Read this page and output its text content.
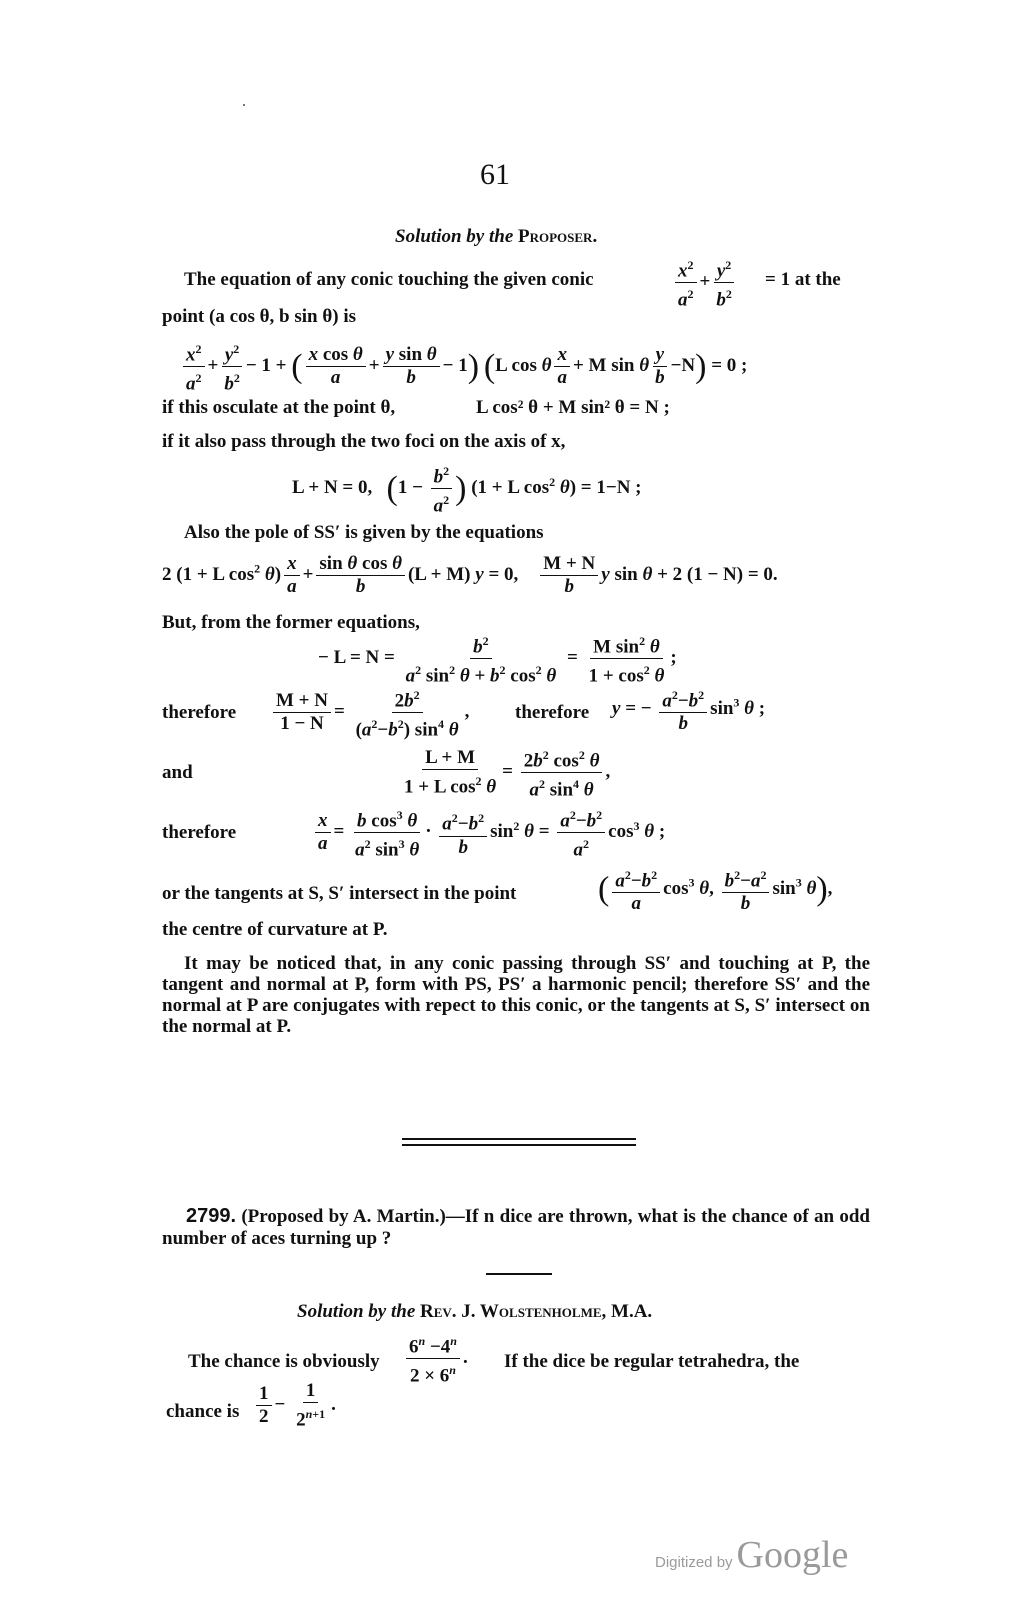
61
Solution by the Proposer.
The equation of any conic touching the given conic	$\frac{x^2}{a^2} + \frac{y^2}{b^2} = 1$ at the
point (a cos θ, b sin θ) is
$\frac{x^2}{a^2} + \frac{y^2}{b^2} - 1$ + ( $\frac{\text{x cos θ}}{a} + \frac{\text{y sin θ}}{b} - 1$) (L cos θ $\frac{x}{a} + M$ sin θ $\frac{y}{b} -N) = 0$ ;
if this osculate at the point θ,	L cos² θ + M sin² θ = N ;
if it also pass through the two foci on the axis of x,
L + N = 0,   ($1 - \frac{b^2}{a^2}$ ) (1 + L $\cos^2 \theta) = 1-N$ ;
Also the pole of SS′ is given by the equations
2 (1 + L $\cos^2 \theta) \frac{x}{a} + \frac{\text{sin θ cos θ}}{b} (L + M)$ y = 0, $\frac{M + N}{b}$ y sin θ + 2 (1 − N) = 0.
But, from the former equations,
− $L = N = \frac{b^2}{a^2 \sin^2 \theta + b^2 \cos^2 \theta} = \frac{M \sin^2 \theta}{1 + \cos^2 \theta}$ ;
therefore $\frac{M + N}{1 - N} = \frac{2b^2}{(a^2-b^2) \sin^4 \theta}$ , therefore y = − $\frac{a^2-b^2}{b} \sin^3 \theta$ ;
and	$\frac{L + M}{1 + L \cos^2 \theta} = \frac{2b^2 \cos^2 \theta}{a^2 \sin^4 \theta}$ ,
therefore	$\frac{x}{a} = \frac{b \cos^3 \theta}{a^2 \sin^3 \theta} \cdot \frac{a^2-b^2}{b} \sin^2 \theta = \frac{a^2-b^2}{a^2} \cos^3 \theta$ ;
or the tangents at S, S′ intersect in the point ( $\frac{a^2-b^2}{a} \cos^3 \theta$, $\frac{b^2-a^2}{b} \sin^3 \theta$),
the centre of curvature at P.
It may be noticed that, in any conic passing through SS′ and touching at P, the tangent and normal at P, form with PS, PS′ a harmonic pencil; therefore SS′ and the normal at P are conjugates with repect to this conic, or the tangents at S, S′ intersect on the normal at P.
2799. (Proposed by A. Martin.)—If n dice are thrown, what is the chance of an odd number of aces turning up ?
Solution by the Rev. J. Wolstenholme, M.A.
The chance is obviously $\frac{6^n -4^n}{2 \times 6^n}$ . If the dice be regular tetrahedra, the
chance is $\frac{1}{2} - \frac{1}{2^{n+1}}$ .
Digitized by Google
